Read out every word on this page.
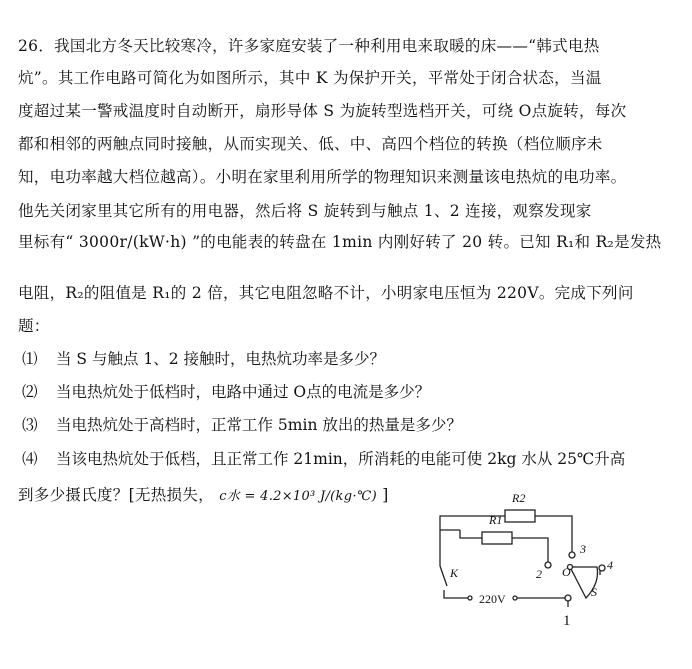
26．我国北方冬天比较寒冷，许多家庭安装了一种利用电来取暖的床——“韩式电热
炕”。其工作电路可简化为如图所示，其中 K 为保护开关，平常处于闭合状态，当温
度超过某一警戒温度时自动断开，扇形导体 S 为旋转型选档开关，可绕 O点旋转，每次
都和相邻的两触点同时接触，从而实现关、低、中、高四个档位的转换（档位顺序未
知，电功率越大档位越高）。小明在家里利用所学的物理知识来测量该电热炕的电功率。
他先关闭家里其它所有的用电器，然后将 S 旋转到与触点 1、2 连接，观察发现家
里标有“ 3000r/(kW·h) ”的电能表的转盘在 1min 内刚好转了 20 转。已知 R₁和 R₂是发热
电阻，R₂的阻值是 R₁的 2 倍，其它电阻忽略不计，小明家电压恒为 220V。完成下列问
题：
⑴ 当 S 与触点 1、2 接触时，电热炕功率是多少？
⑵ 当电热炕处于低档时，电路中通过 O点的电流是多少？
⑶ 当电热炕处于高档时，正常工作 5min 放出的热量是多少？
⑷ 当该电热炕处于低档，且正常工作 21min，所消耗的电能可使 2kg 水从 25℃升高
到多少摄氏度？[无热损失， c水 = 4.2×10³ J/(kg·℃) ]	R2
R1
K	O
S
2
3
4
220V
1
